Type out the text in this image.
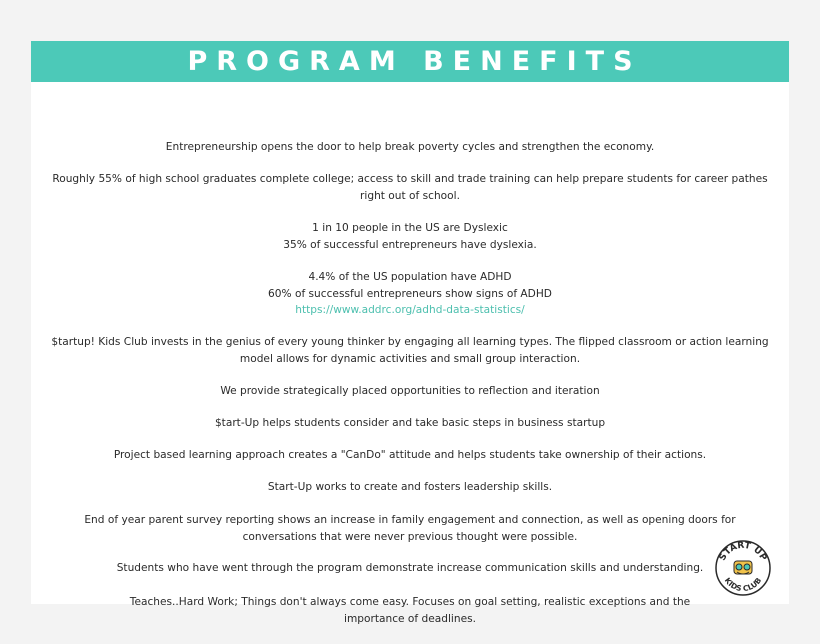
PROGRAM BENEFITS

Entrepreneurship opens the door to help break poverty cycles and strengthen the economy.

Roughly 55% of high school graduates complete college; access to skill and trade training can help prepare students for career pathes right out of school.

1 in 10 people in the US are Dyslexic

35% of successful entrepreneurs have dyslexia.

4.4% of the US population have ADHD

60% of successful entrepreneurs show signs of ADHD

https://www.addrc.org/adhd-data-statistics/

$tartup! Kids Club invests in the genius of every young thinker by engaging all learning types. The flipped classroom or action learning model allows for dynamic activities and small group interaction.

We provide strategically placed opportunities to reflection and iteration

$tart-Up helps students consider and take basic steps in business startup

Project based learning approach creates a "CanDo" attitude and helps students take ownership of their actions.

Start-Up works to create and fosters leadership skills.

End of year parent survey reporting shows an increase in family engagement and connection, as well as opening doors for conversations that were never previous thought were possible.

Students who have went through the program demonstrate increase communication skills and understanding.

Teaches..Hard Work; Things don't always come easy. Focuses on goal setting, realistic exceptions and the importance of deadlines.

START UP
KIDS CLUB
